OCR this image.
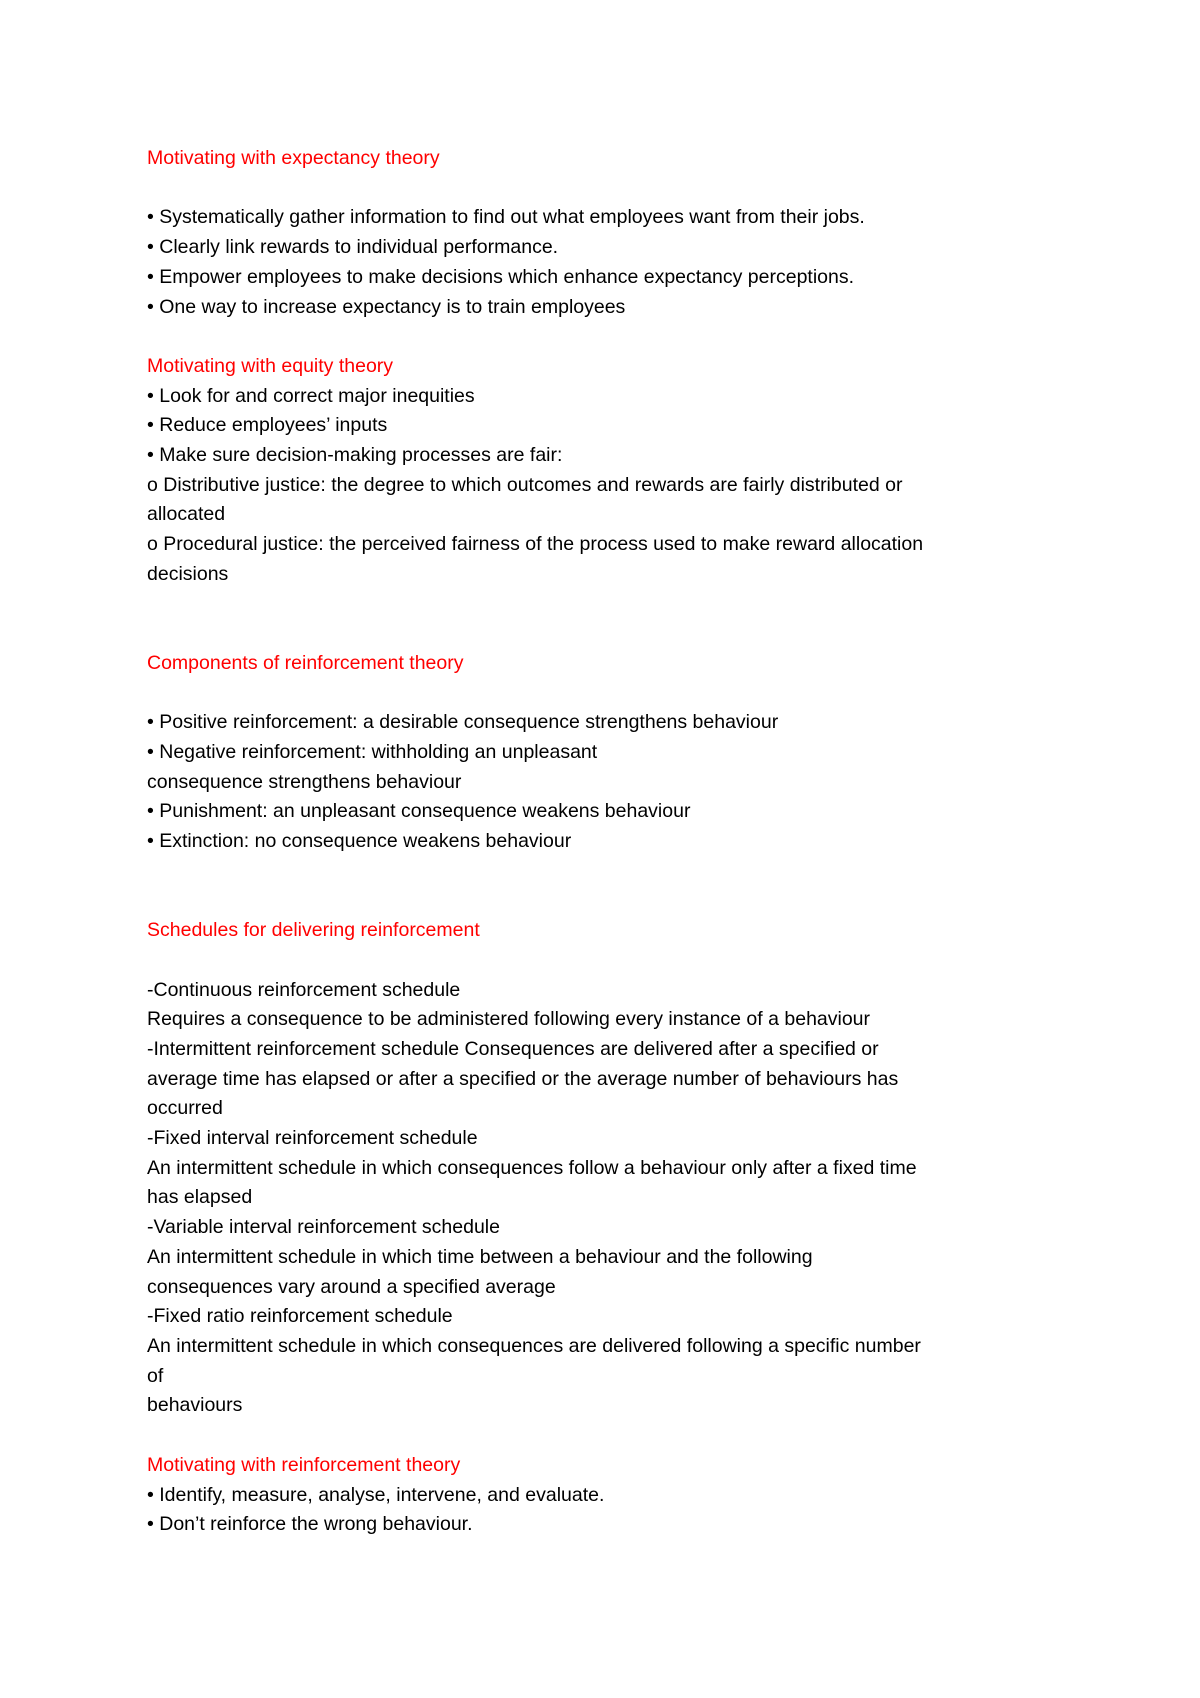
Motivating with expectancy theory
• Systematically gather information to find out what employees want from their jobs.
• Clearly link rewards to individual performance.
• Empower employees to make decisions which enhance expectancy perceptions.
• One way to increase expectancy is to train employees
Motivating with equity theory
• Look for and correct major inequities
• Reduce employees’ inputs
• Make sure decision-making processes are fair:
o Distributive justice: the degree to which outcomes and rewards are fairly distributed or
allocated
o Procedural justice: the perceived fairness of the process used to make reward allocation
decisions
Components of reinforcement theory
• Positive reinforcement: a desirable consequence strengthens behaviour
• Negative reinforcement: withholding an unpleasant
consequence strengthens behaviour
• Punishment: an unpleasant consequence weakens behaviour
• Extinction: no consequence weakens behaviour
Schedules for delivering reinforcement
-Continuous reinforcement schedule
Requires a consequence to be administered following every instance of a behaviour
-Intermittent reinforcement schedule Consequences are delivered after a specified or
average time has elapsed or after a specified or the average number of behaviours has
occurred
-Fixed interval reinforcement schedule
An intermittent schedule in which consequences follow a behaviour only after a fixed time
has elapsed
-Variable interval reinforcement schedule
An intermittent schedule in which time between a behaviour and the following
consequences vary around a specified average
-Fixed ratio reinforcement schedule
An intermittent schedule in which consequences are delivered following a specific number
of
behaviours
Motivating with reinforcement theory
• Identify, measure, analyse, intervene, and evaluate.
• Don’t reinforce the wrong behaviour.
